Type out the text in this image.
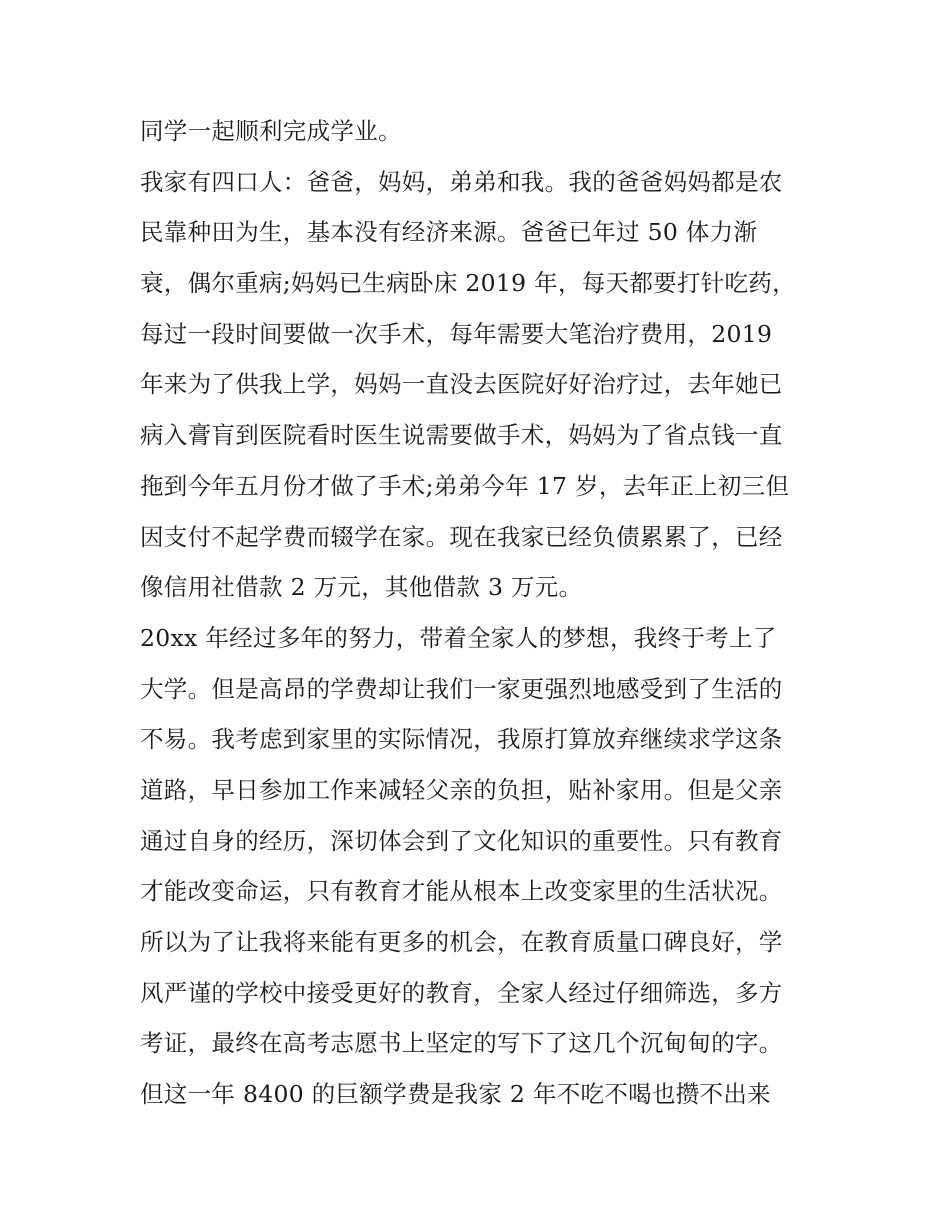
同学一起顺利完成学业。
我家有四口人：爸爸，妈妈，弟弟和我。我的爸爸妈妈都是农
民靠种田为生，基本没有经济来源。爸爸已年过 50 体力渐
衰，偶尔重病;妈妈已生病卧床 2019 年，每天都要打针吃药，
每过一段时间要做一次手术，每年需要大笔治疗费用，2019
年来为了供我上学，妈妈一直没去医院好好治疗过，去年她已
病入膏肓到医院看时医生说需要做手术，妈妈为了省点钱一直
拖到今年五月份才做了手术;弟弟今年 17 岁，去年正上初三但
因支付不起学费而辍学在家。现在我家已经负债累累了，已经
像信用社借款 2 万元，其他借款 3 万元。
20xx 年经过多年的努力，带着全家人的梦想，我终于考上了
大学。但是高昂的学费却让我们一家更强烈地感受到了生活的
不易。我考虑到家里的实际情况，我原打算放弃继续求学这条
道路，早日参加工作来减轻父亲的负担，贴补家用。但是父亲
通过自身的经历，深切体会到了文化知识的重要性。只有教育
才能改变命运，只有教育才能从根本上改变家里的生活状况。
所以为了让我将来能有更多的机会，在教育质量口碑良好，学
风严谨的学校中接受更好的教育，全家人经过仔细筛选，多方
考证，最终在高考志愿书上坚定的写下了这几个沉甸甸的字。
但这一年 8400 的巨额学费是我家 2 年不吃不喝也攒不出来
